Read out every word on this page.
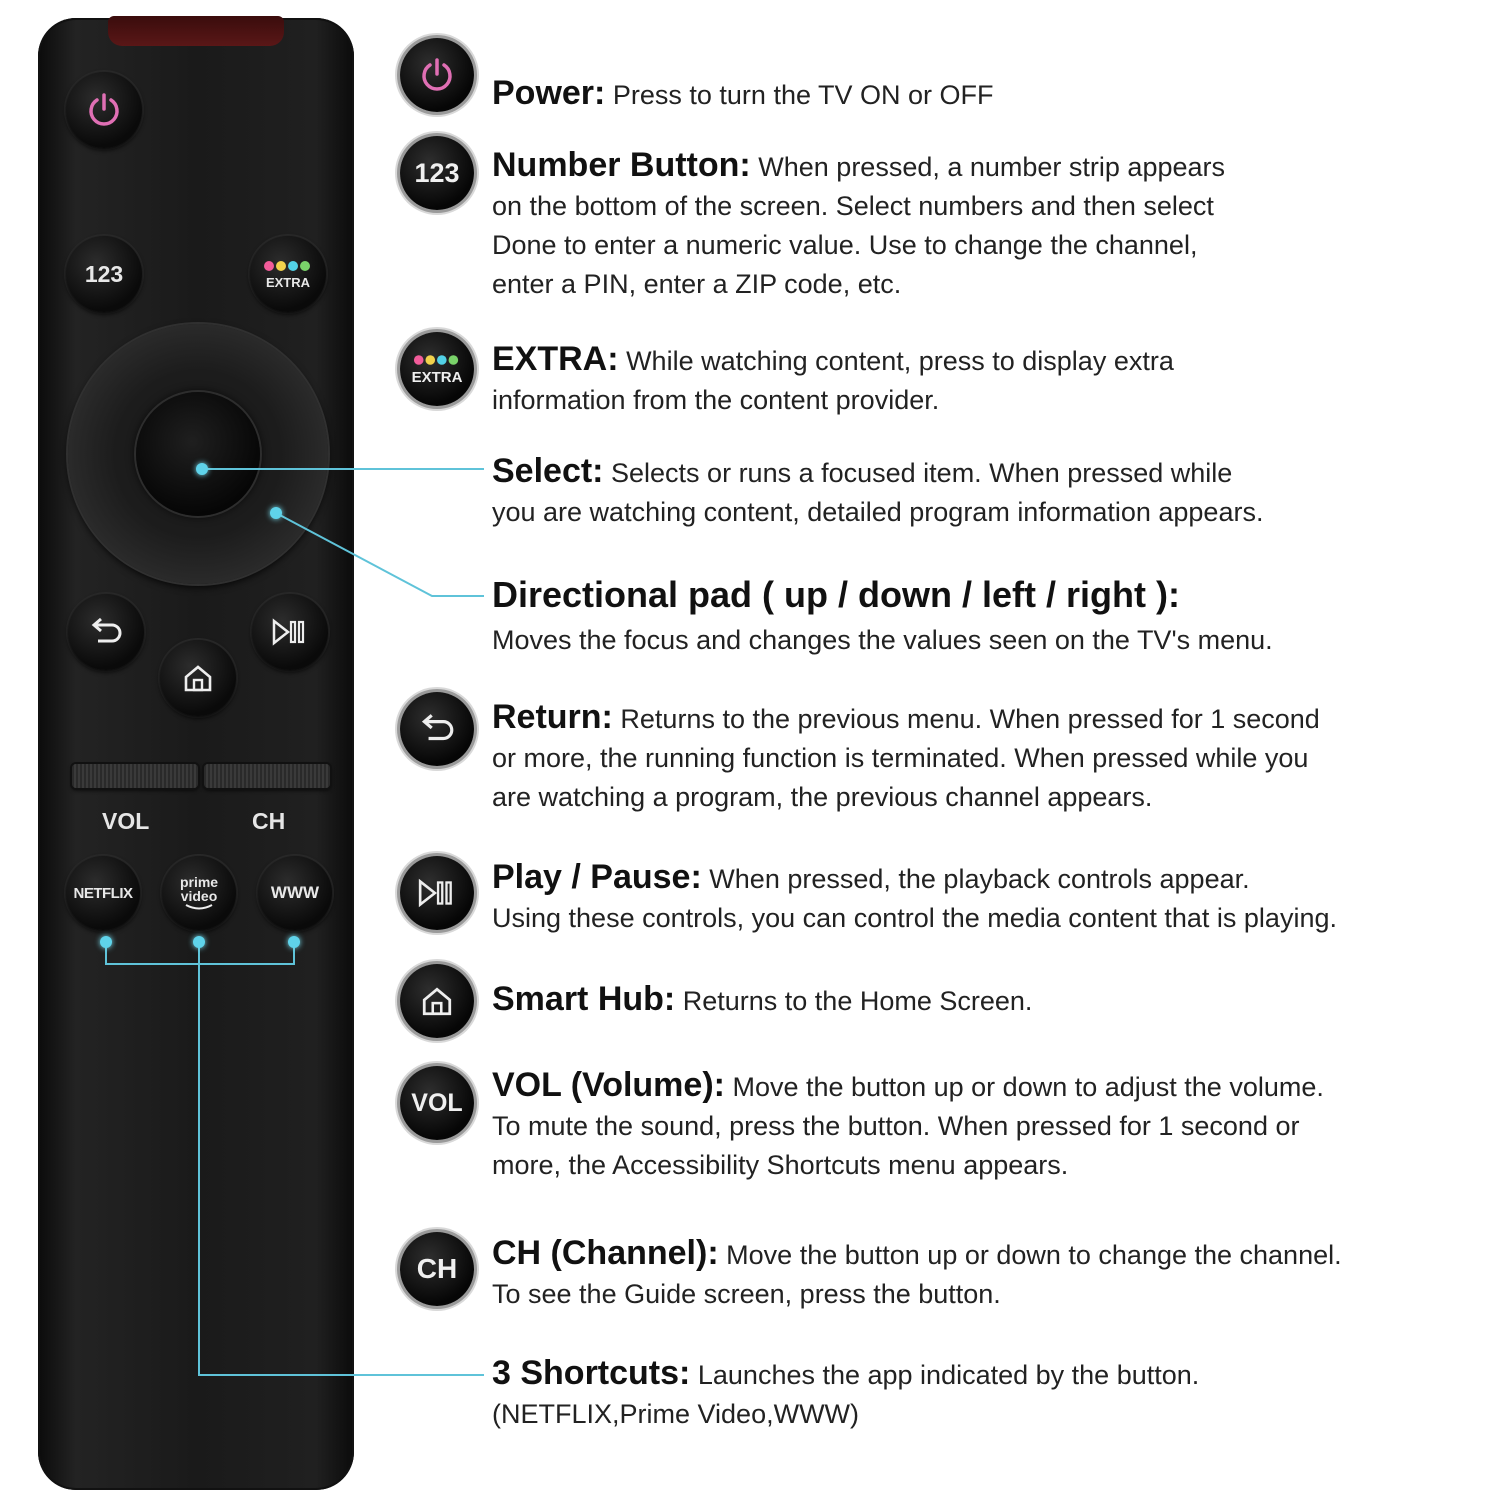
123	EXTRA
VOL	CH
NETFLIX
prime
video	WWW
123
EXTRA
VOL
CH
Power: Press to turn the TV ON or OFF
Number Button: When pressed, a number strip appears
on the bottom of the screen. Select numbers and then select
Done to enter a numeric value. Use to change the channel,
enter a PIN, enter a ZIP code, etc.
EXTRA: While watching content, press to display extra
information from the content provider.
Select: Selects or runs a focused item. When pressed while
you are watching content, detailed program information appears.
Directional pad ( up / down / left / right ):
Moves the focus and changes the values seen on the TV's menu.
Return: Returns to the previous menu. When pressed for 1 second
or more, the running function is terminated. When pressed while you
are watching a program, the previous channel appears.
Play / Pause: When pressed, the playback controls appear.
Using these controls, you can control the media content that is playing.
Smart Hub: Returns to the Home Screen.
VOL (Volume): Move the button up or down to adjust the volume.
To mute the sound, press the button. When pressed for 1 second or
more, the Accessibility Shortcuts menu appears.
CH (Channel): Move the button up or down to change the channel.
To see the Guide screen, press the button.
3 Shortcuts: Launches the app indicated by the button.
(NETFLIX,Prime Video,WWW)
